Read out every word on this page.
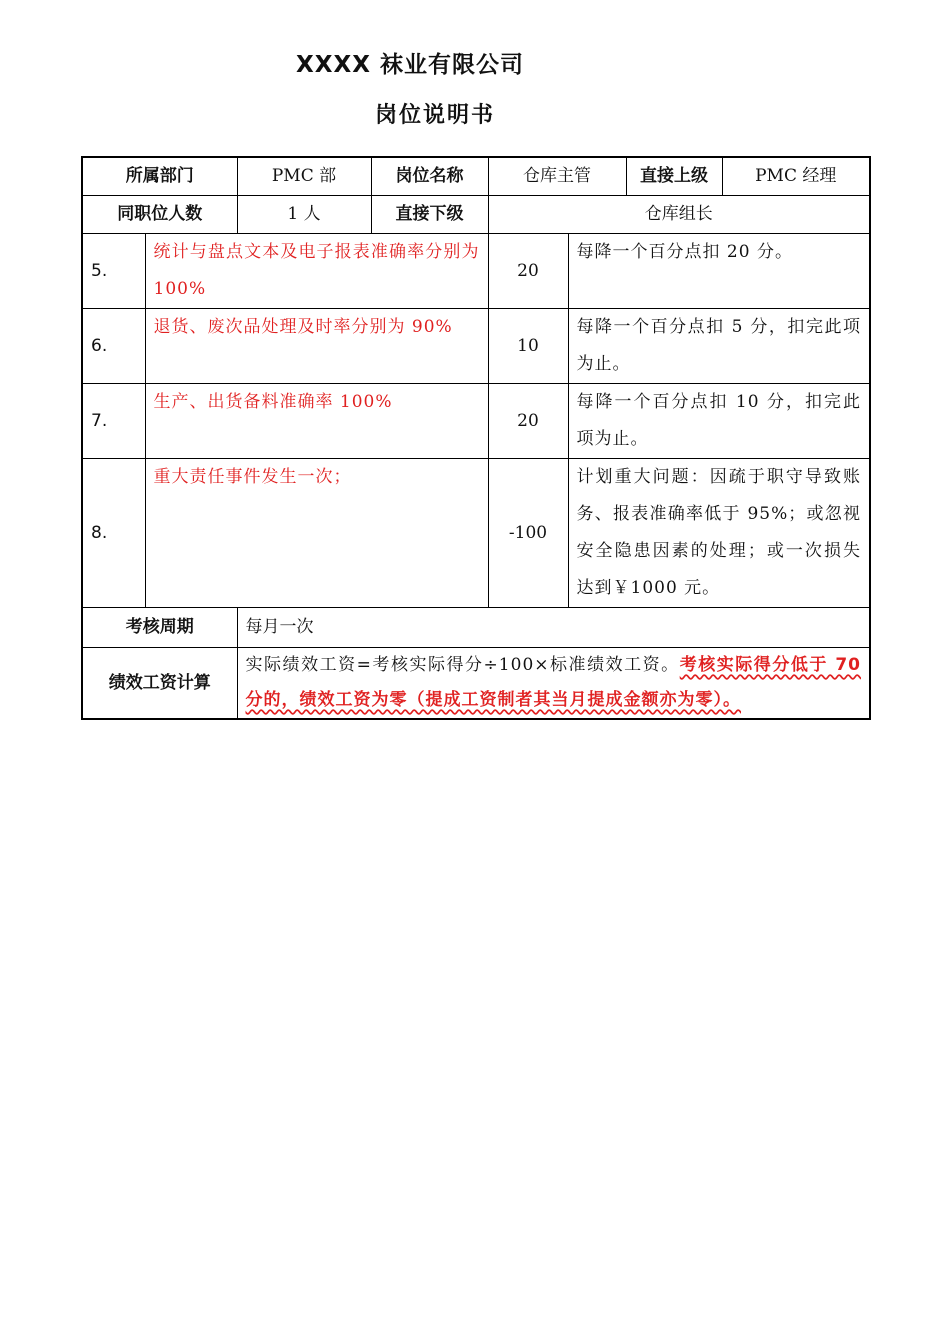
XXXX 袜业有限公司
岗位说明书
所属部门		PMC 部	岗位名称	仓库主管		直接上级	PMC 经理
同职位人数		1 人	直接下级	仓库组长			
5.	统计与盘点文本及电子报表准确率分别为 100%			20	每降一个百分点扣 20 分。		
6.	退货、废次品处理及时率分别为 90%			10	每降一个百分点扣 5 分，扣完此项为止。		
7.	生产、出货备料准确率 100%			20	每降一个百分点扣 10 分，扣完此项为止。		
8.	重大责任事件发生一次；			-100	计划重大问题：因疏于职守导致账务、报表准确率低于 95%；或忽视安全隐患因素的处理；或一次损失达到￥1000 元。		
考核周期		每月一次					
绩效工资计算		实际绩效工资=考核实际得分÷100×标准绩效工资。考核实际得分低于 70 分的，绩效工资为零（提成工资制者其当月提成金额亦为零）。					
